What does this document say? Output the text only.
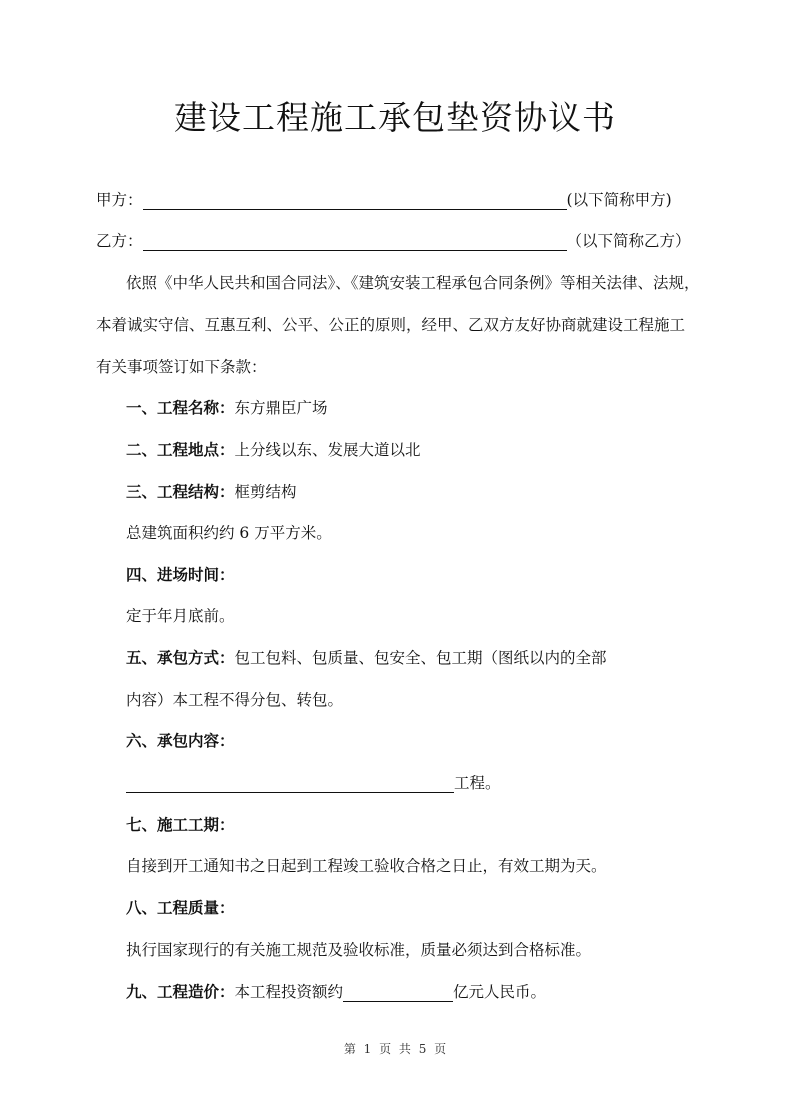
建设工程施工承包垫资协议书
甲方：	(以下简称甲方)
乙方：	（以下简称乙方）
依照《中华人民共和国合同法》、《建筑安装工程承包合同条例》等相关法律、法规，
本着诚实守信、互惠互利、公平、公正的原则，经甲、乙双方友好协商就建设工程施工
有关事项签订如下条款：
一、工程名称：东方鼎臣广场
二、工程地点：上分线以东、发展大道以北
三、工程结构：框剪结构
总建筑面积约约 6 万平方米。
四、进场时间：
定于年月底前。
五、承包方式：包工包料、包质量、包安全、包工期（图纸以内的全部
内容）本工程不得分包、转包。
六、承包内容：
工程。
七、施工工期：
自接到开工通知书之日起到工程竣工验收合格之日止，有效工期为天。
八、工程质量：
执行国家现行的有关施工规范及验收标准，质量必须达到合格标准。
九、工程造价：本工程投资额约	亿元人民币。
第 1 页 共 5 页
